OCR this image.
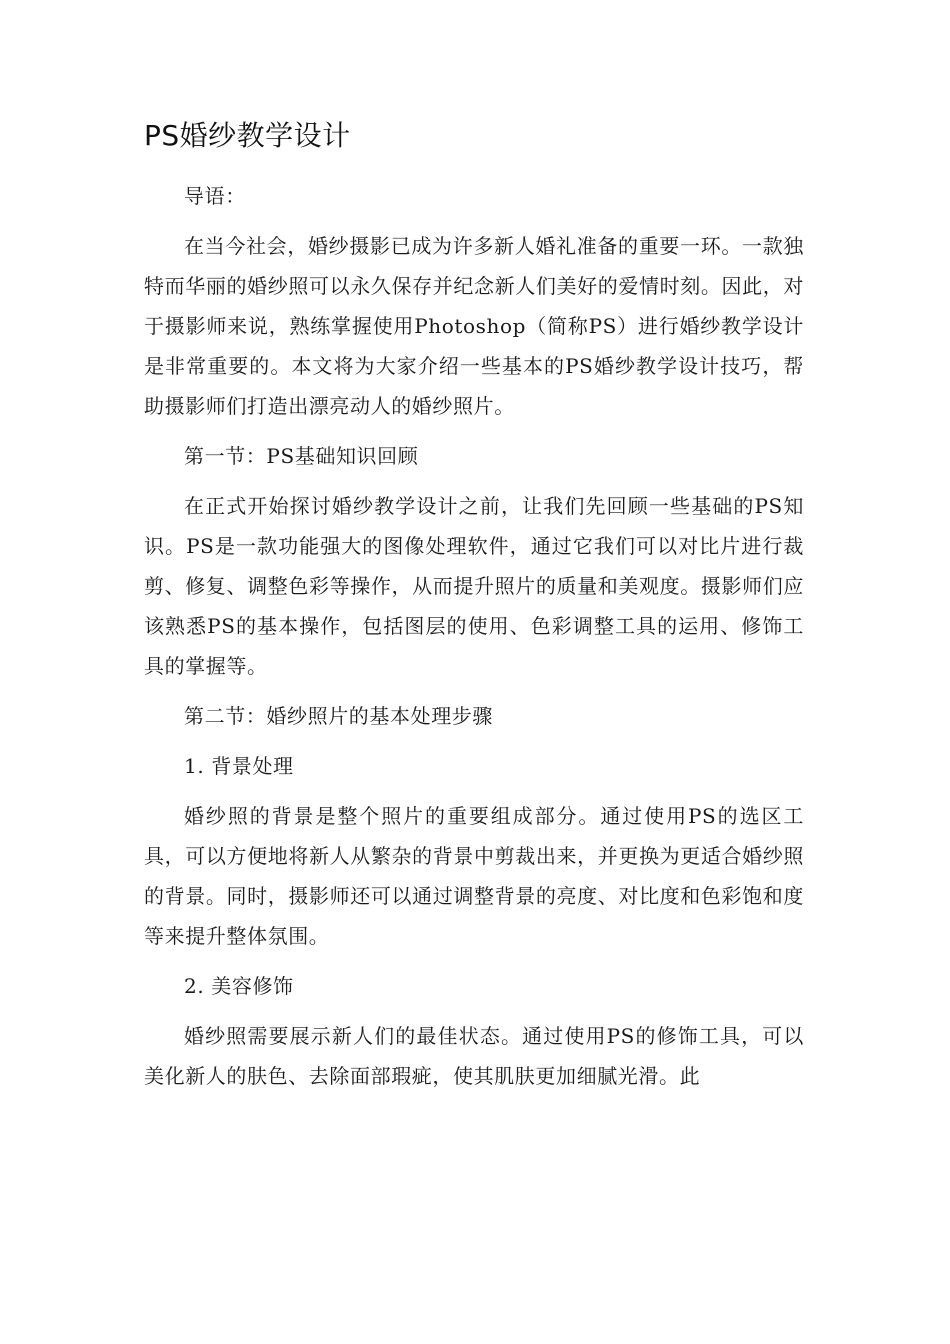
PS婚纱教学设计

导语：

在当今社会，婚纱摄影已成为许多新人婚礼准备的重要一环。一款独特而华丽的婚纱照可以永久保存并纪念新人们美好的爱情时刻。因此，对于摄影师来说，熟练掌握使用Photoshop（简称PS）进行婚纱教学设计是非常重要的。本文将为大家介绍一些基本的PS婚纱教学设计技巧，帮助摄影师们打造出漂亮动人的婚纱照片。

第一节：PS基础知识回顾

在正式开始探讨婚纱教学设计之前，让我们先回顾一些基础的PS知识。PS是一款功能强大的图像处理软件，通过它我们可以对比片进行裁剪、修复、调整色彩等操作，从而提升照片的质量和美观度。摄影师们应该熟悉PS的基本操作，包括图层的使用、色彩调整工具的运用、修饰工具的掌握等。

第二节：婚纱照片的基本处理步骤

1. 背景处理

婚纱照的背景是整个照片的重要组成部分。通过使用PS的选区工具，可以方便地将新人从繁杂的背景中剪裁出来，并更换为更适合婚纱照的背景。同时，摄影师还可以通过调整背景的亮度、对比度和色彩饱和度等来提升整体氛围。

2. 美容修饰

婚纱照需要展示新人们的最佳状态。通过使用PS的修饰工具，可以美化新人的肤色、去除面部瑕疵，使其肌肤更加细腻光滑。此
